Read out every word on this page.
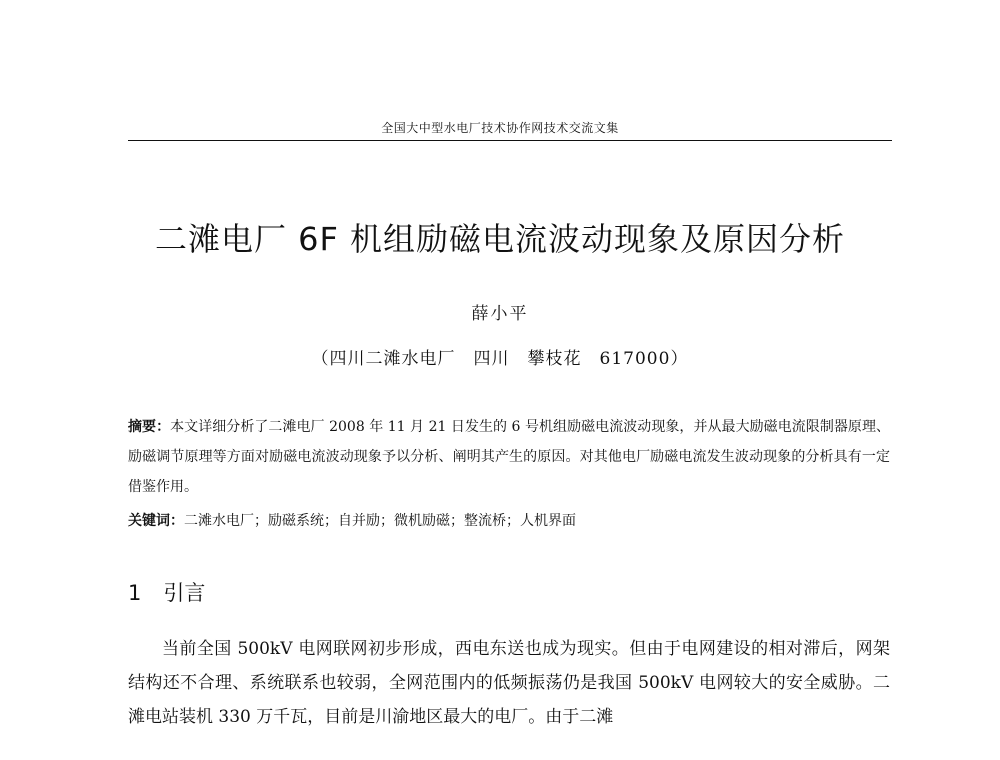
全国大中型水电厂技术协作网技术交流文集
二滩电厂 6F 机组励磁电流波动现象及原因分析
薛小平
（四川二滩水电厂　四川　攀枝花　617000）
摘要：本文详细分析了二滩电厂 2008 年 11 月 21 日发生的 6 号机组励磁电流波动现象，并从最大励磁电流限制器原理、励磁调节原理等方面对励磁电流波动现象予以分析、阐明其产生的原因。对其他电厂励磁电流发生波动现象的分析具有一定借鉴作用。
关键词：二滩水电厂；励磁系统；自并励；微机励磁；整流桥；人机界面
1 引言
当前全国 500kV 电网联网初步形成，西电东送也成为现实。但由于电网建设的相对滞后，网架结构还不合理、系统联系也较弱，全网范围内的低频振荡仍是我国 500kV 电网较大的安全威胁。二滩电站装机 330 万千瓦，目前是川渝地区最大的电厂。由于二滩
